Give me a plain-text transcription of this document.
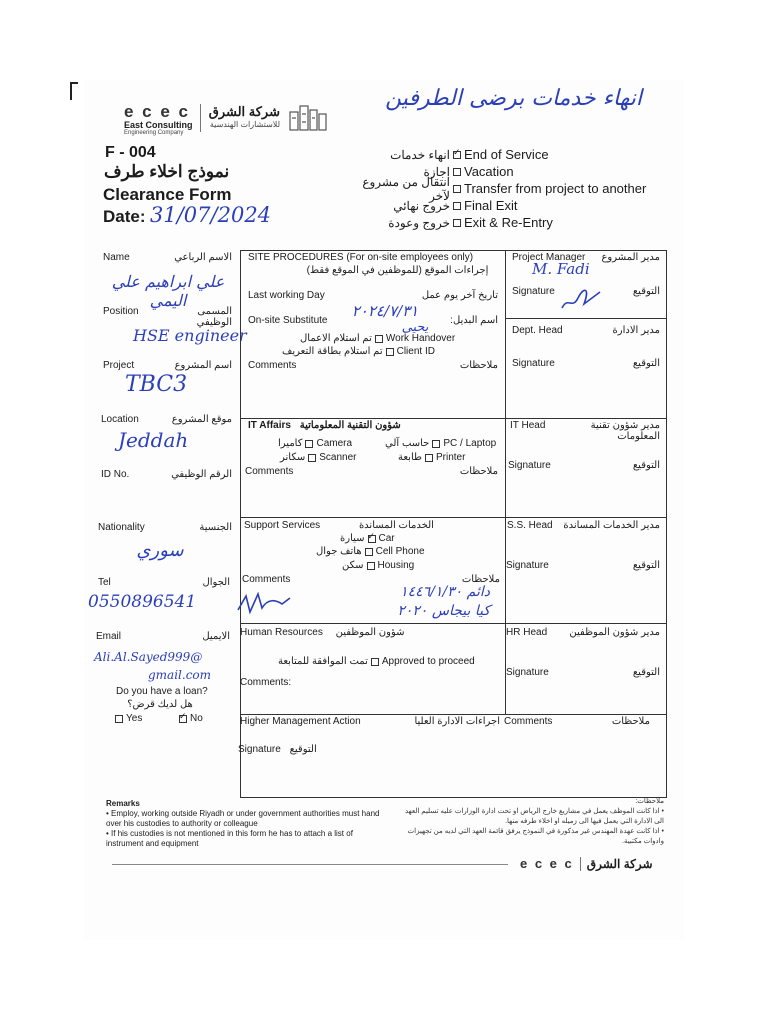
e c e c
East Consulting
Engineering Company
شركة الشرق
للاستشارات الهندسية
انهاء خدمات برضى الطرفين
F - 004
نموذج اخلاء طرف
Clearance Form
Date: 31/07/2024
انهاء خدمات ✓ End of Service
اجازة Vacation
انتقال من مشروع لآخر Transfer from project to another
خروج نهائي Final Exit
خروج وعودة Exit & Re-Entry
Name	الاسم الرباعي
علي ابراهيم علي اليمي
Position	المسمى الوظيفي
HSE engineer
Project	اسم المشروع
TBC3
Location	موقع المشروع
Jeddah
ID No.	الرقم الوظيفي
Nationality	الجنسية
سوري
Tel	الجوال
0550896541
Email	الايميل
Ali.Al.Sayed999@
gmail.com
Do you have a loan?
هل لديك قرض؟
Yes ✓	No
SITE PROCEDURES (For on-site employees only)
إجراءات الموقع (للموظفين في الموقع فقط)
Last working Day	تاريخ آخر يوم عمل
On-site Substitute
٢٠٢٤/٧/٣١
اسم البديل:
يحيى
تم استلام الاعمال Work Handover
تم استلام بطاقة التعريف Client ID
Comments	ملاحظات
Project Manager مدير المشروع
M. Fadi
Signature	التوقيع
Dept. Head	مدير الادارة
Signature	التوقيع
IT Affairs شؤون التقنية المعلوماتية
كاميرا Camera	حاسب آلي PC / Laptop
سكانر Scanner	طابعة Printer
Comments	ملاحظات
IT Head	مدير شؤون تقنية المعلومات
Signature	التوقيع
Support Services	الخدمات المساندة
سيارة ✓ Car
هاتف جوال Cell Phone
سكن Housing
Comments	ملاحظات
دائم ١٤٤٦/١/٣٠
كيا بيجاس ٢٠٢٠
S.S. Head	مدير الخدمات المساندة
Signature	التوقيع
Human Resources شؤون الموظفين
تمت الموافقة للمتابعة Approved to proceed
Comments:
HR Head	مدير شؤون الموظفين
Signature	التوقيع
Higher Management Action	اجراءات الادارة العليا
Signature التوقيع
Comments	ملاحظات
Remarks
• Employ, working outside Riyadh or under government authorities must hand over his custodies to authority or colleague
• If his custodies is not mentioned in this form he has to attach a list of instrument and equipment
ملاحظات:
• اذا كانت الموظف يعمل في مشاريع خارج الرياض او تحت ادارة الوزارات عليه تسليم العهد الى الادارة التي يعمل فيها الى زميله او اخلاء طرفه منها.
• اذا كانت عهدة المهندس غير مذكورة في النموذج يرفق قائمة العهد التي لديه من تجهيزات وادوات مكتبية.
e c e c شركة الشرق
